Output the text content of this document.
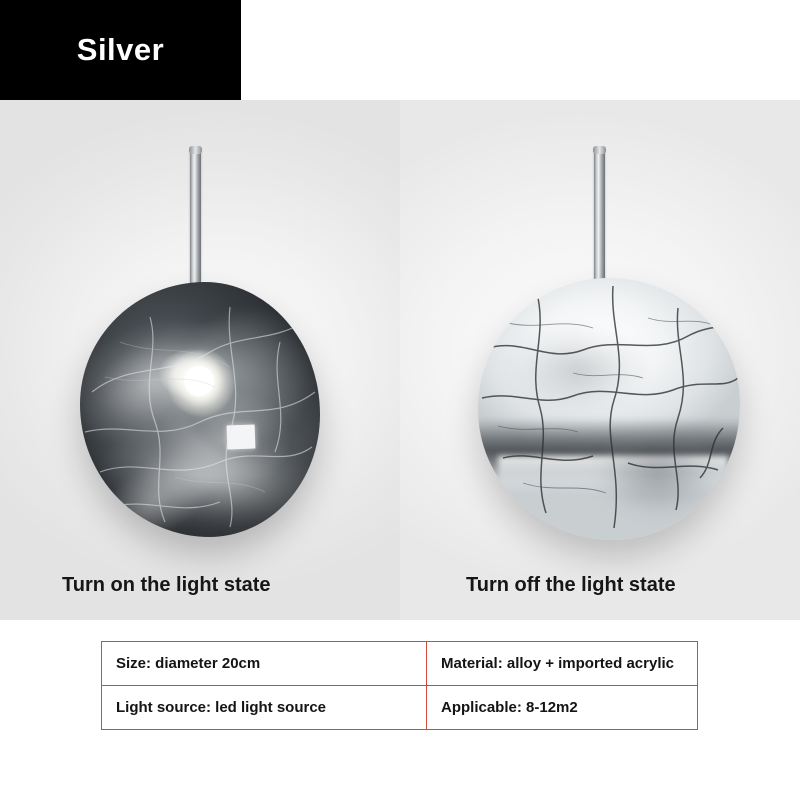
Turn on the light state	Turn off the light state
Silver
Size: diameter 20cm	Material: alloy + imported acrylic
Light source: led light source	Applicable: 8-12m2
